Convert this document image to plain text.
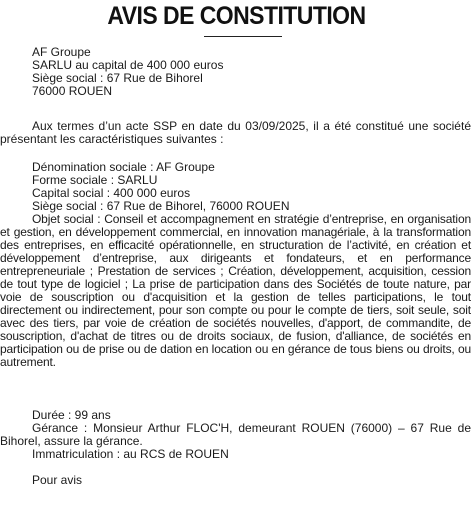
AVIS DE CONSTITUTION
AF Groupe
SARLU au capital de 400 000 euros
Siège social : 67 Rue de Bihorel
76000 ROUEN

Aux termes d’un acte SSP en date du 03/09/2025, il a été constitué une société présentant les caractéristiques suivantes :

Dénomination sociale : AF Groupe
Forme sociale : SARLU
Capital social : 400 000 euros
Siège social : 67 Rue de Bihorel, 76000 ROUEN

Objet social : Conseil et accompagnement en stratégie d’entreprise, en organisation et gestion, en développement commercial, en innovation managériale, à la transformation des entreprises, en efficacité opérationnelle, en structuration de l’activité, en création et développement d’entreprise, aux dirigeants et fondateurs, et en performance entrepreneuriale ; Prestation de services ; Création, développement, acquisition, cession de tout type de logiciel ; La prise de participation dans des Sociétés de toute nature, par voie de souscription ou d'acquisition et la gestion de telles participations, le tout directement ou indirectement, pour son compte ou pour le compte de tiers, soit seule, soit avec des tiers, par voie de création de sociétés nouvelles, d'apport, de commandite, de souscription, d'achat de titres ou de droits sociaux, de fusion, d'alliance, de sociétés en participation ou de prise ou de dation en location ou en gérance de tous biens ou droits, ou autrement.

Durée : 99 ans

Gérance : Monsieur Arthur FLOC'H, demeurant ROUEN (76000) – 67 Rue de Bihorel, assure la gérance.

Immatriculation : au RCS de ROUEN
Pour avis
